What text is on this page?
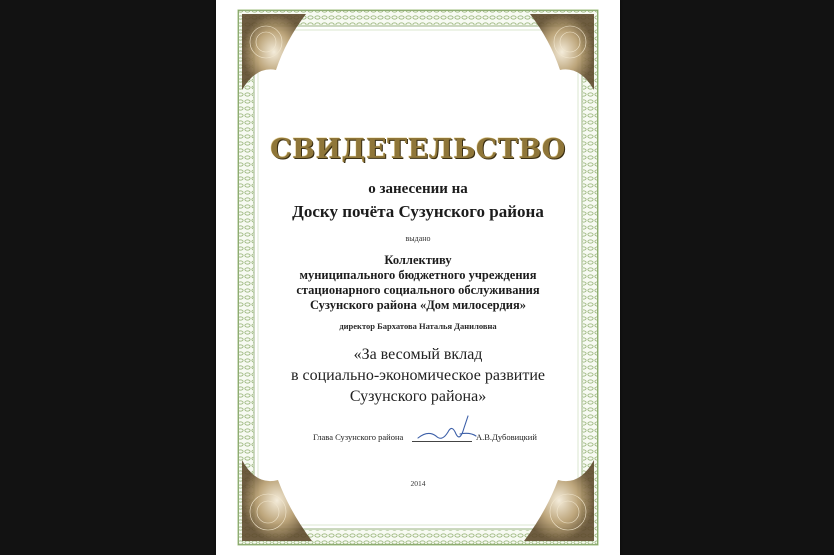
СВИДЕТЕЛЬСТВО
о занесении на
Доску почёта Сузунского района
выдано
Коллективу
муниципального бюджетного учреждения
стационарного социального обслуживания
Сузунского района «Дом милосердия»
директор Бархатова Наталья Даниловна
«За весомый вклад
в социально-экономическое развитие
Сузунского района»
Глава Сузунского района	А.В.Дубовицкий
2014
